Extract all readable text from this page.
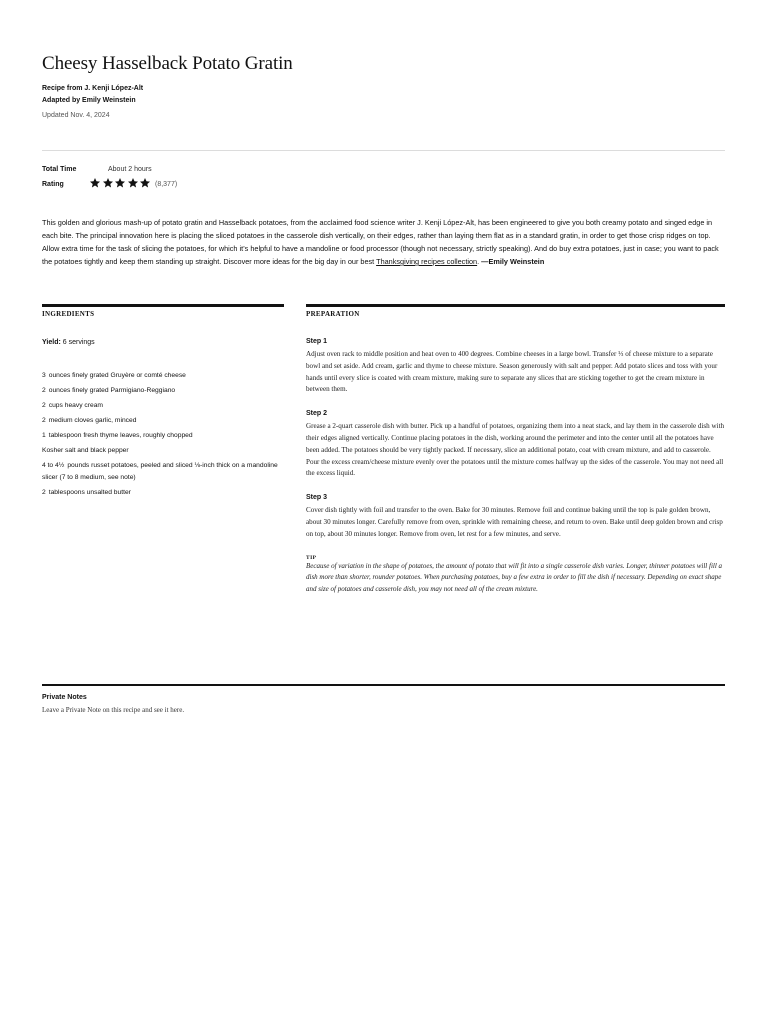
Cheesy Hasselback Potato Gratin
Recipe from J. Kenji López-Alt
Adapted by Emily Weinstein
Updated Nov. 4, 2024
Total Time	About 2 hours
Rating	(8,377)

This golden and glorious mash-up of potato gratin and Hasselback potatoes, from the acclaimed food science writer J. Kenji López-Alt, has been engineered to give you both creamy potato and singed edge in each bite. The principal innovation here is placing the sliced potatoes in the casserole dish vertically, on their edges, rather than laying them flat as in a standard gratin, in order to get those crisp ridges on top. Allow extra time for the task of slicing the potatoes, for which it’s helpful to have a mandoline or food processor (though not necessary, strictly speaking). And do buy extra potatoes, just in case; you want to pack the potatoes tightly and keep them standing up straight. Discover more ideas for the big day in our best Thanksgiving recipes collection. —Emily Weinstein

INGREDIENTS
Yield: 6 servings
3 ounces finely grated Gruyère or comté cheese
2 ounces finely grated Parmigiano-Reggiano
2 cups heavy cream
2 medium cloves garlic, minced
1 tablespoon fresh thyme leaves, roughly chopped
Kosher salt and black pepper
4 to 4½ pounds russet potatoes, peeled and sliced ⅛-inch thick on a mandoline slicer (7 to 8 medium, see note)
2 tablespoons unsalted butter
PREPARATION
Step 1

Adjust oven rack to middle position and heat oven to 400 degrees. Combine cheeses in a large bowl. Transfer ⅓ of cheese mixture to a separate bowl and set aside. Add cream, garlic and thyme to cheese mixture. Season generously with salt and pepper. Add potato slices and toss with your hands until every slice is coated with cream mixture, making sure to separate any slices that are sticking together to get the cream mixture in between them.

Step 2

Grease a 2-quart casserole dish with butter. Pick up a handful of potatoes, organizing them into a neat stack, and lay them in the casserole dish with their edges aligned vertically. Continue placing potatoes in the dish, working around the perimeter and into the center until all the potatoes have been added. The potatoes should be very tightly packed. If necessary, slice an additional potato, coat with cream mixture, and add to casserole. Pour the excess cream/cheese mixture evenly over the potatoes until the mixture comes halfway up the sides of the casserole. You may not need all the excess liquid.

Step 3

Cover dish tightly with foil and transfer to the oven. Bake for 30 minutes. Remove foil and continue baking until the top is pale golden brown, about 30 minutes longer. Carefully remove from oven, sprinkle with remaining cheese, and return to oven. Bake until deep golden brown and crisp on top, about 30 minutes longer. Remove from oven, let rest for a few minutes, and serve.

TIP

Because of variation in the shape of potatoes, the amount of potato that will fit into a single casserole dish varies. Longer, thinner potatoes will fill a dish more than shorter, rounder potatoes. When purchasing potatoes, buy a few extra in order to fill the dish if necessary. Depending on exact shape and size of potatoes and casserole dish, you may not need all of the cream mixture.

Private Notes
Leave a Private Note on this recipe and see it here.
